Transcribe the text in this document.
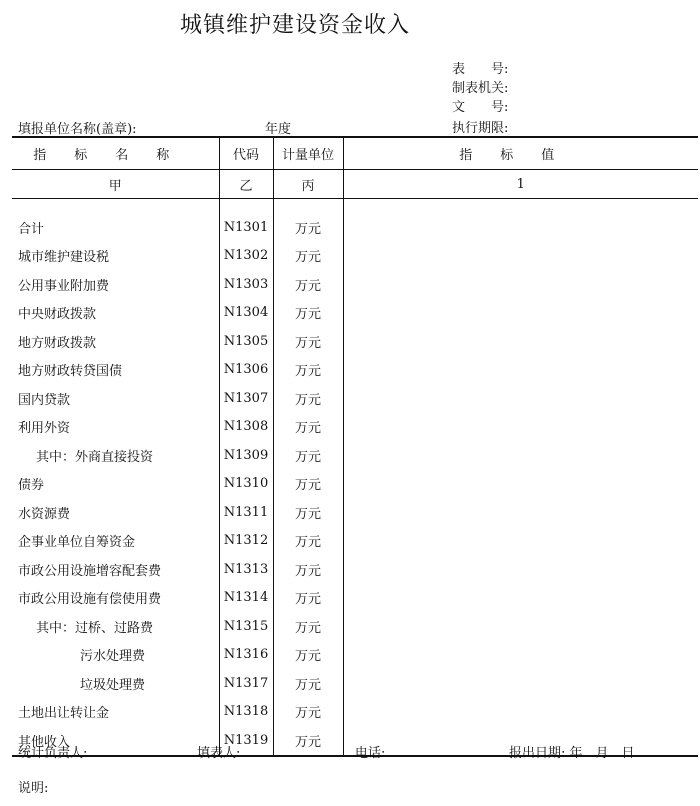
城镇维护建设资金收入
表　　号:
制表机关:
文　　号:
执行期限:
填报单位名称(盖章):	年度
指标名称	代码	计量单位	指标值
甲	乙	丙	1

合计	N1301	万元	
城市维护建设税	N1302	万元	
公用事业附加费	N1303	万元	
中央财政拨款	N1304	万元	
地方财政拨款	N1305	万元	
地方财政转贷国债	N1306	万元	
国内贷款	N1307	万元	
利用外资	N1308	万元	
其中：外商直接投资	N1309	万元	
债券	N1310	万元	
水资源费	N1311	万元	
企事业单位自筹资金	N1312	万元	
市政公用设施增容配套费	N1313	万元	
市政公用设施有偿使用费	N1314	万元	
其中：过桥、过路费	N1315	万元	
污水处理费	N1316	万元	
垃圾处理费	N1317	万元	
土地出让转让金	N1318	万元	
其他收入	N1319	万元	
统计负责人:	填表人:	电话:	报出日期: 年　月　日
说明:
